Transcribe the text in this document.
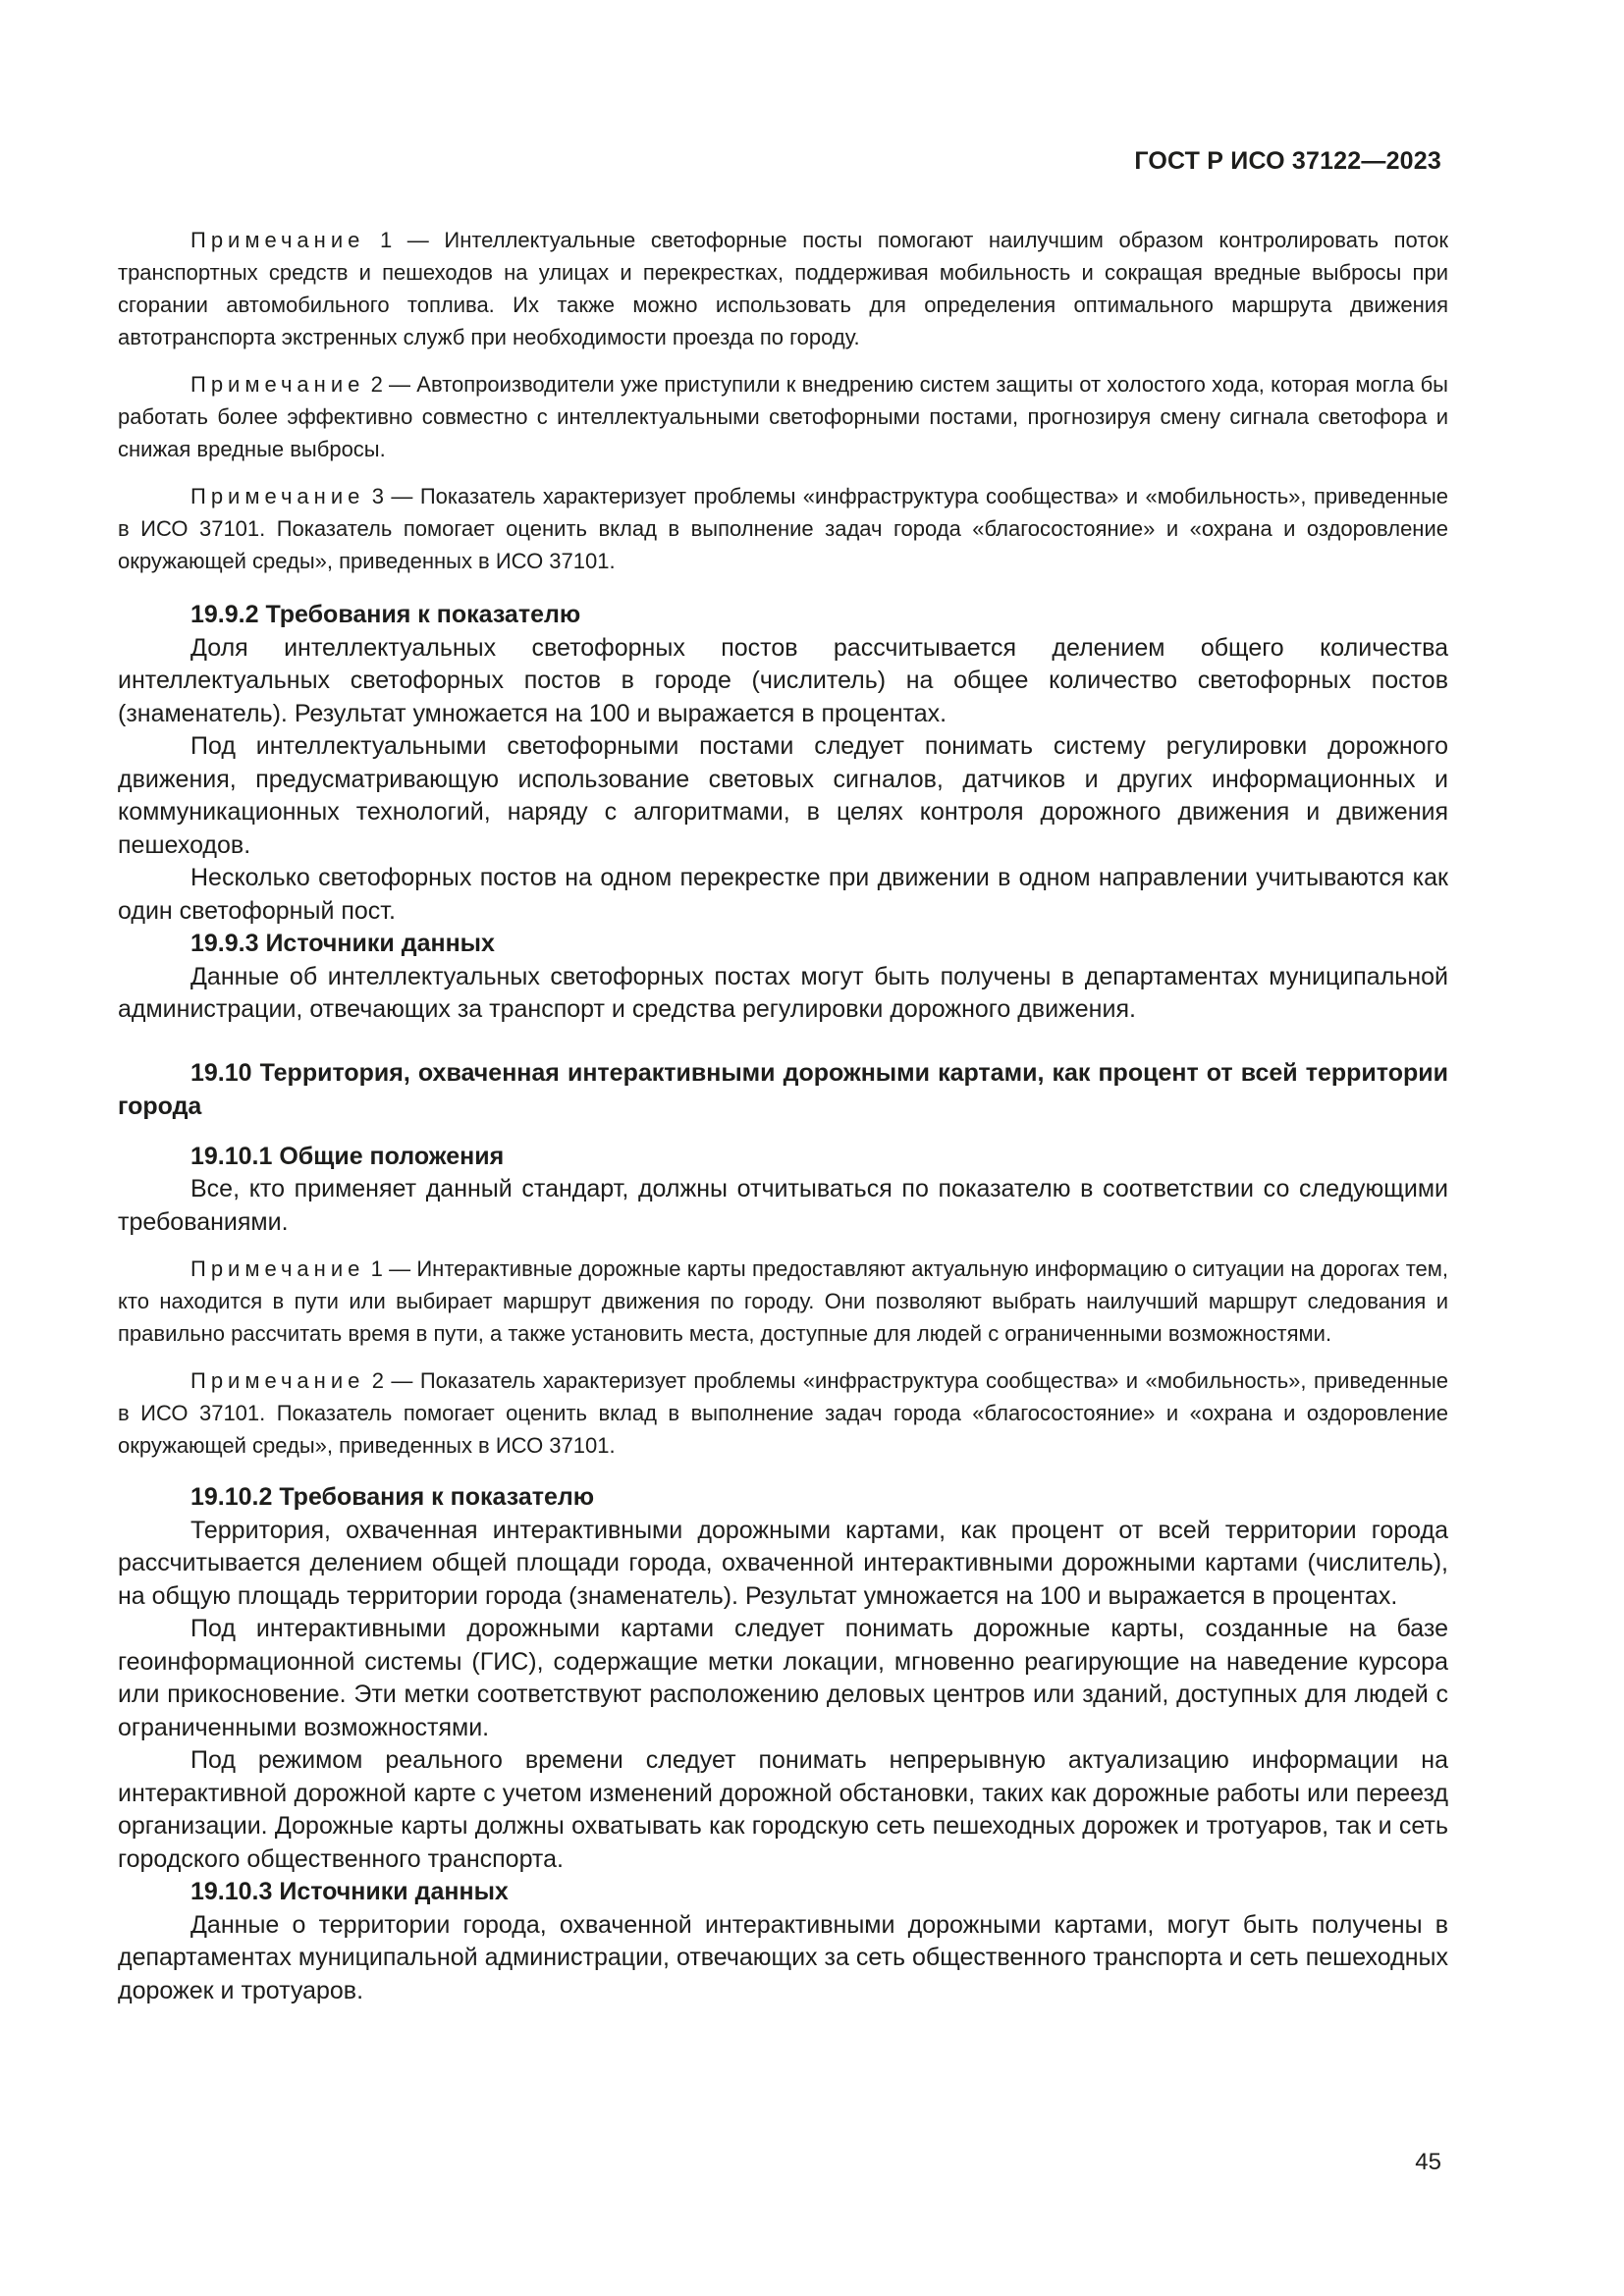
ГОСТ Р ИСО 37122—2023

Примечание 1 — Интеллектуальные светофорные посты помогают наилучшим образом контролировать поток транспортных средств и пешеходов на улицах и перекрестках, поддерживая мобильность и сокращая вредные выбросы при сгорании автомобильного топлива. Их также можно использовать для определения оптимального маршрута движения автотранспорта экстренных служб при необходимости проезда по городу.

Примечание 2 — Автопроизводители уже приступили к внедрению систем защиты от холостого хода, которая могла бы работать более эффективно совместно с интеллектуальными светофорными постами, прогнозируя смену сигнала светофора и снижая вредные выбросы.

Примечание 3 — Показатель характеризует проблемы «инфраструктура сообщества» и «мобильность», приведенные в ИСО 37101. Показатель помогает оценить вклад в выполнение задач города «благосостояние» и «охрана и оздоровление окружающей среды», приведенных в ИСО 37101.

19.9.2 Требования к показателю

Доля интеллектуальных светофорных постов рассчитывается делением общего количества интеллектуальных светофорных постов в городе (числитель) на общее количество светофорных постов (знаменатель). Результат умножается на 100 и выражается в процентах.

Под интеллектуальными светофорными постами следует понимать систему регулировки дорожного движения, предусматривающую использование световых сигналов, датчиков и других информационных и коммуникационных технологий, наряду с алгоритмами, в целях контроля дорожного движения и движения пешеходов.

Несколько светофорных постов на одном перекрестке при движении в одном направлении учитываются как один светофорный пост.

19.9.3 Источники данных

Данные об интеллектуальных светофорных постах могут быть получены в департаментах муниципальной администрации, отвечающих за транспорт и средства регулировки дорожного движения.

19.10 Территория, охваченная интерактивными дорожными картами, как процент от всей территории города

19.10.1 Общие положения

Все, кто применяет данный стандарт, должны отчитываться по показателю в соответствии со следующими требованиями.

Примечание 1 — Интерактивные дорожные карты предоставляют актуальную информацию о ситуации на дорогах тем, кто находится в пути или выбирает маршрут движения по городу. Они позволяют выбрать наилучший маршрут следования и правильно рассчитать время в пути, а также установить места, доступные для людей с ограниченными возможностями.

Примечание 2 — Показатель характеризует проблемы «инфраструктура сообщества» и «мобильность», приведенные в ИСО 37101. Показатель помогает оценить вклад в выполнение задач города «благосостояние» и «охрана и оздоровление окружающей среды», приведенных в ИСО 37101.

19.10.2 Требования к показателю

Территория, охваченная интерактивными дорожными картами, как процент от всей территории города рассчитывается делением общей площади города, охваченной интерактивными дорожными картами (числитель), на общую площадь территории города (знаменатель). Результат умножается на 100 и выражается в процентах.

Под интерактивными дорожными картами следует понимать дорожные карты, созданные на базе геоинформационной системы (ГИС), содержащие метки локации, мгновенно реагирующие на наведение курсора или прикосновение. Эти метки соответствуют расположению деловых центров или зданий, доступных для людей с ограниченными возможностями.

Под режимом реального времени следует понимать непрерывную актуализацию информации на интерактивной дорожной карте с учетом изменений дорожной обстановки, таких как дорожные работы или переезд организации. Дорожные карты должны охватывать как городскую сеть пешеходных дорожек и тротуаров, так и сеть городского общественного транспорта.

19.10.3 Источники данных

Данные о территории города, охваченной интерактивными дорожными картами, могут быть получены в департаментах муниципальной администрации, отвечающих за сеть общественного транспорта и сеть пешеходных дорожек и тротуаров.

45
